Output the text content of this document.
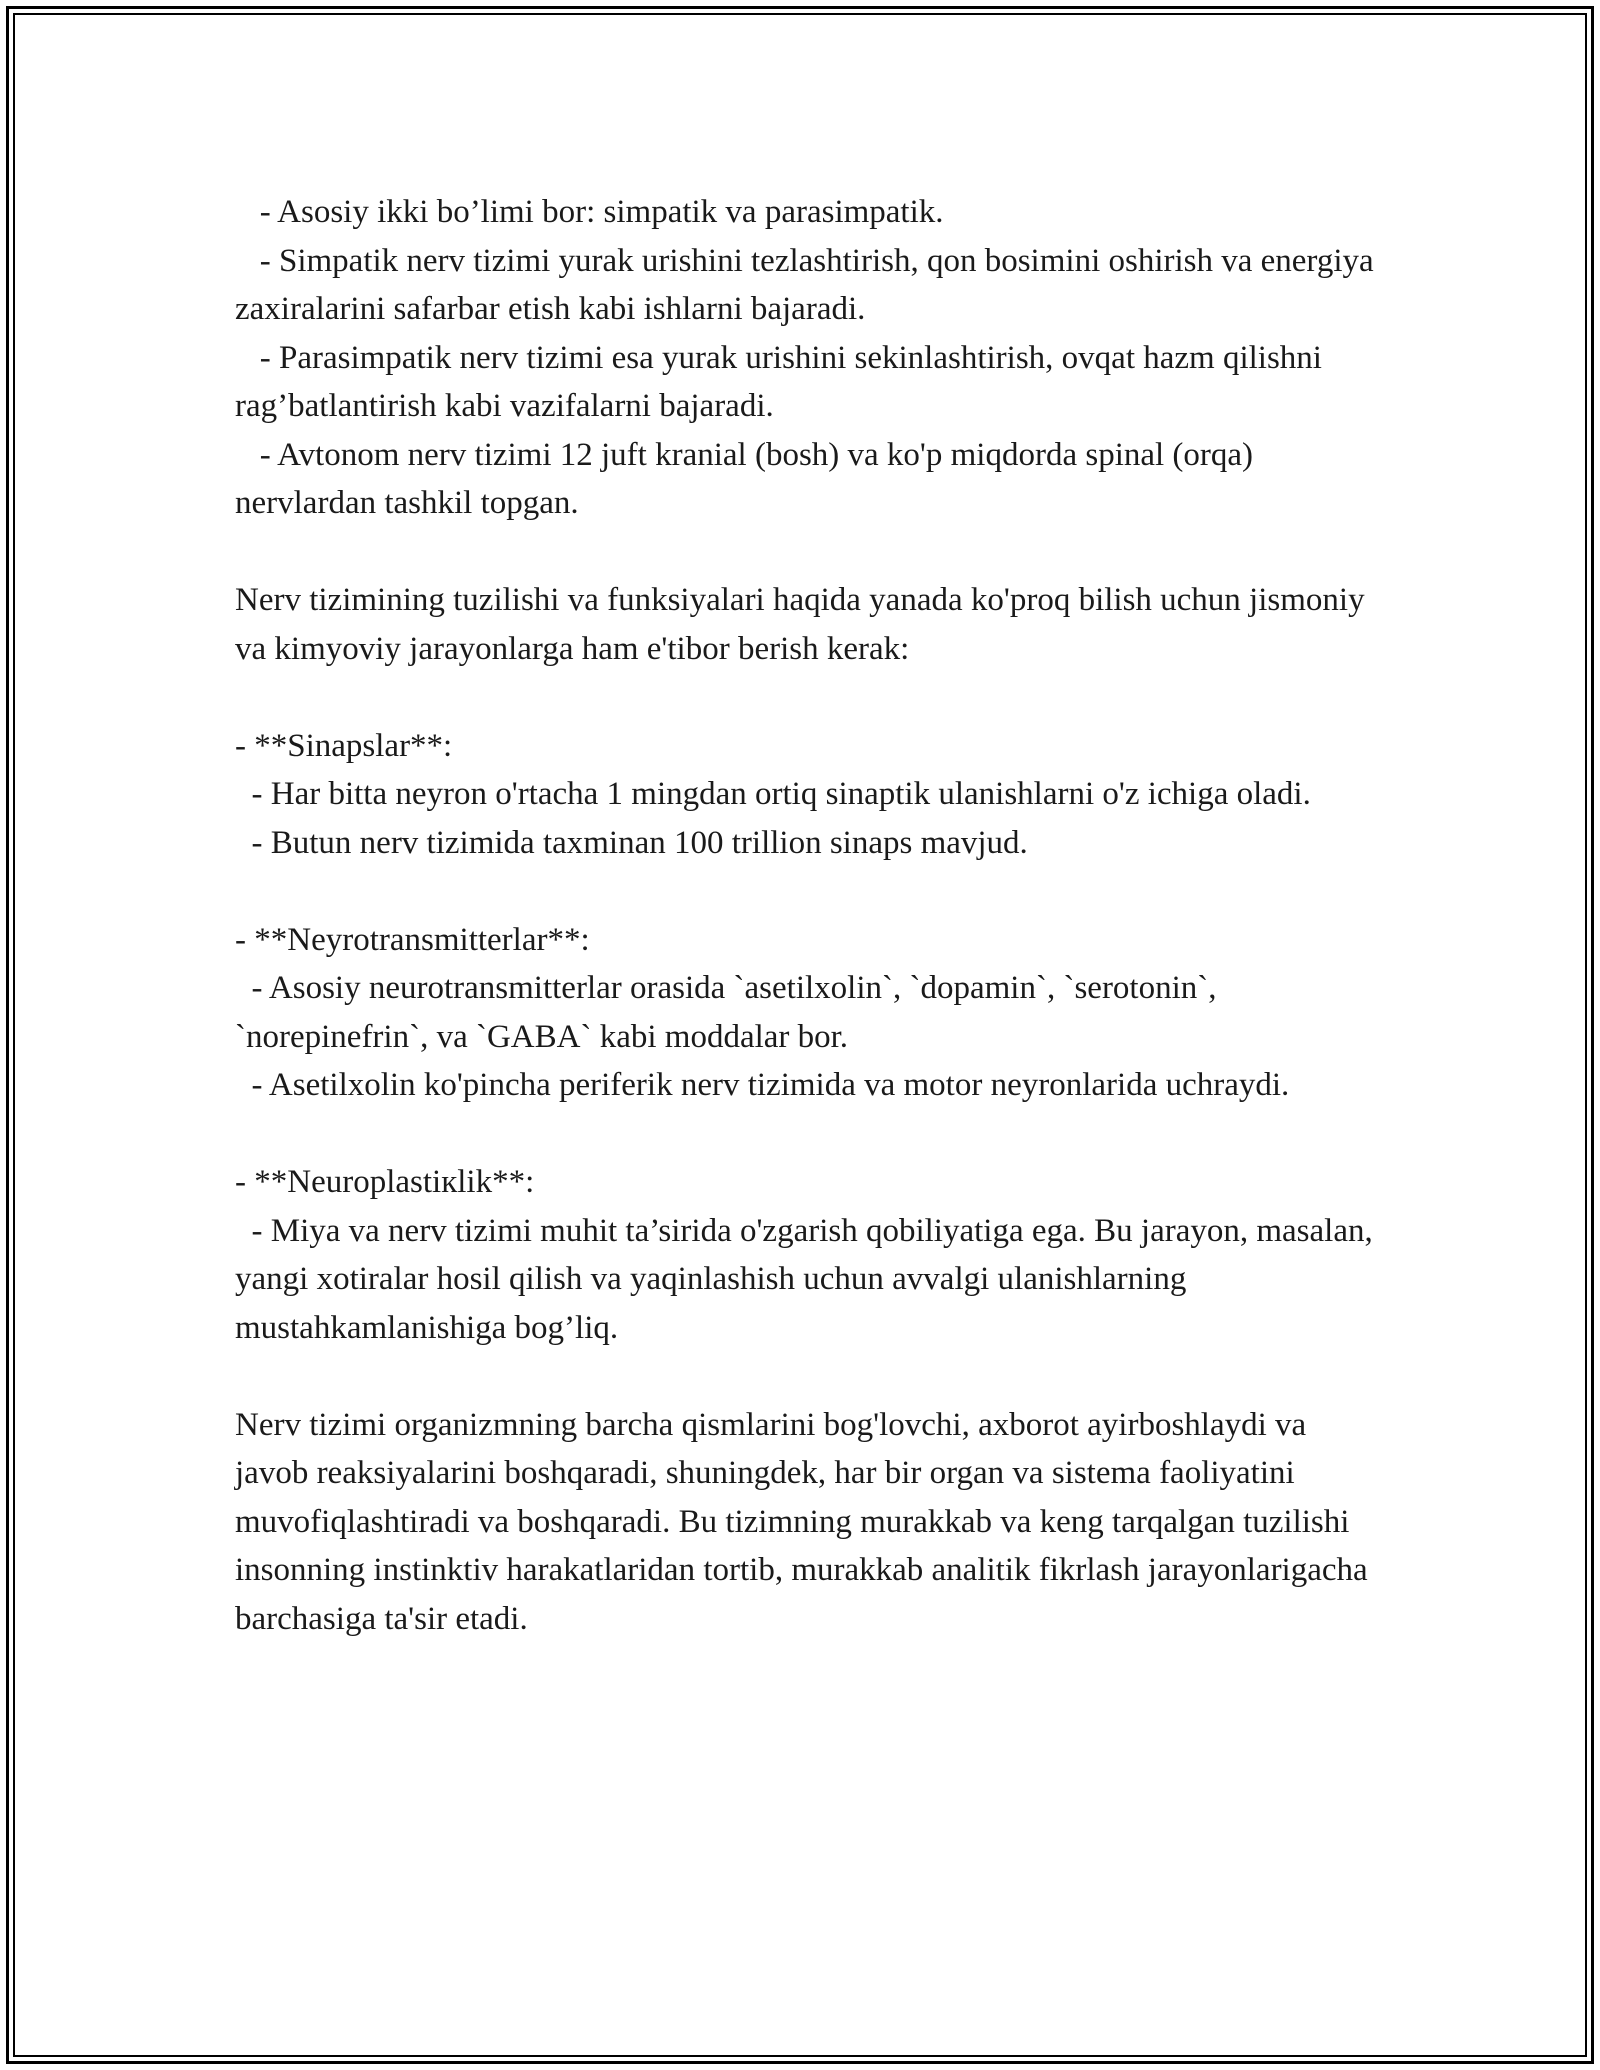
- Asosiy ikki bo’limi bor: simpatik va parasimpatik.

- Simpatik nerv tizimi yurak urishini tezlashtirish, qon bosimini oshirish va energiya zaxiralarini safarbar etish kabi ishlarni bajaradi.

- Parasimpatik nerv tizimi esa yurak urishini sekinlashtirish, ovqat hazm qilishni rag’batlantirish kabi vazifalarni bajaradi.

- Avtonom nerv tizimi 12 juft kranial (bosh) va ko'p miqdorda spinal (orqa) nervlardan tashkil topgan.

Nerv tizimining tuzilishi va funksiyalari haqida yanada ko'proq bilish uchun jismoniy va kimyoviy jarayonlarga ham e'tibor berish kerak:

- **Sinapslar**:

- Har bitta neyron o'rtacha 1 mingdan ortiq sinaptik ulanishlarni o'z ichiga oladi.

- Butun nerv tizimida taxminan 100 trillion sinaps mavjud.

- **Neyrotransmitterlar**:

- Asosiy neurotransmitterlar orasida `asetilxolin`, `dopamin`, `serotonin`, `norepinefrin`, va `GABA` kabi moddalar bor.

- Asetilxolin ko'pincha periferik nerv tizimida va motor neyronlarida uchraydi.

- **Neuroplastiкlik**:

- Miya va nerv tizimi muhit ta’sirida o'zgarish qobiliyatiga ega. Bu jarayon, masalan, yangi xotiralar hosil qilish va yaqinlashish uchun avvalgi ulanishlarning mustahkamlanishiga bog’liq.

Nerv tizimi organizmning barcha qismlarini bog'lovchi, axborot ayirboshlaydi va javob reaksiyalarini boshqaradi, shuningdek, har bir organ va sistema faoliyatini muvofiqlashtiradi va boshqaradi. Bu tizimning murakkab va keng tarqalgan tuzilishi insonning instinktiv harakatlaridan tortib, murakkab analitik fikrlash jarayonlarigacha barchasiga ta'sir etadi.
